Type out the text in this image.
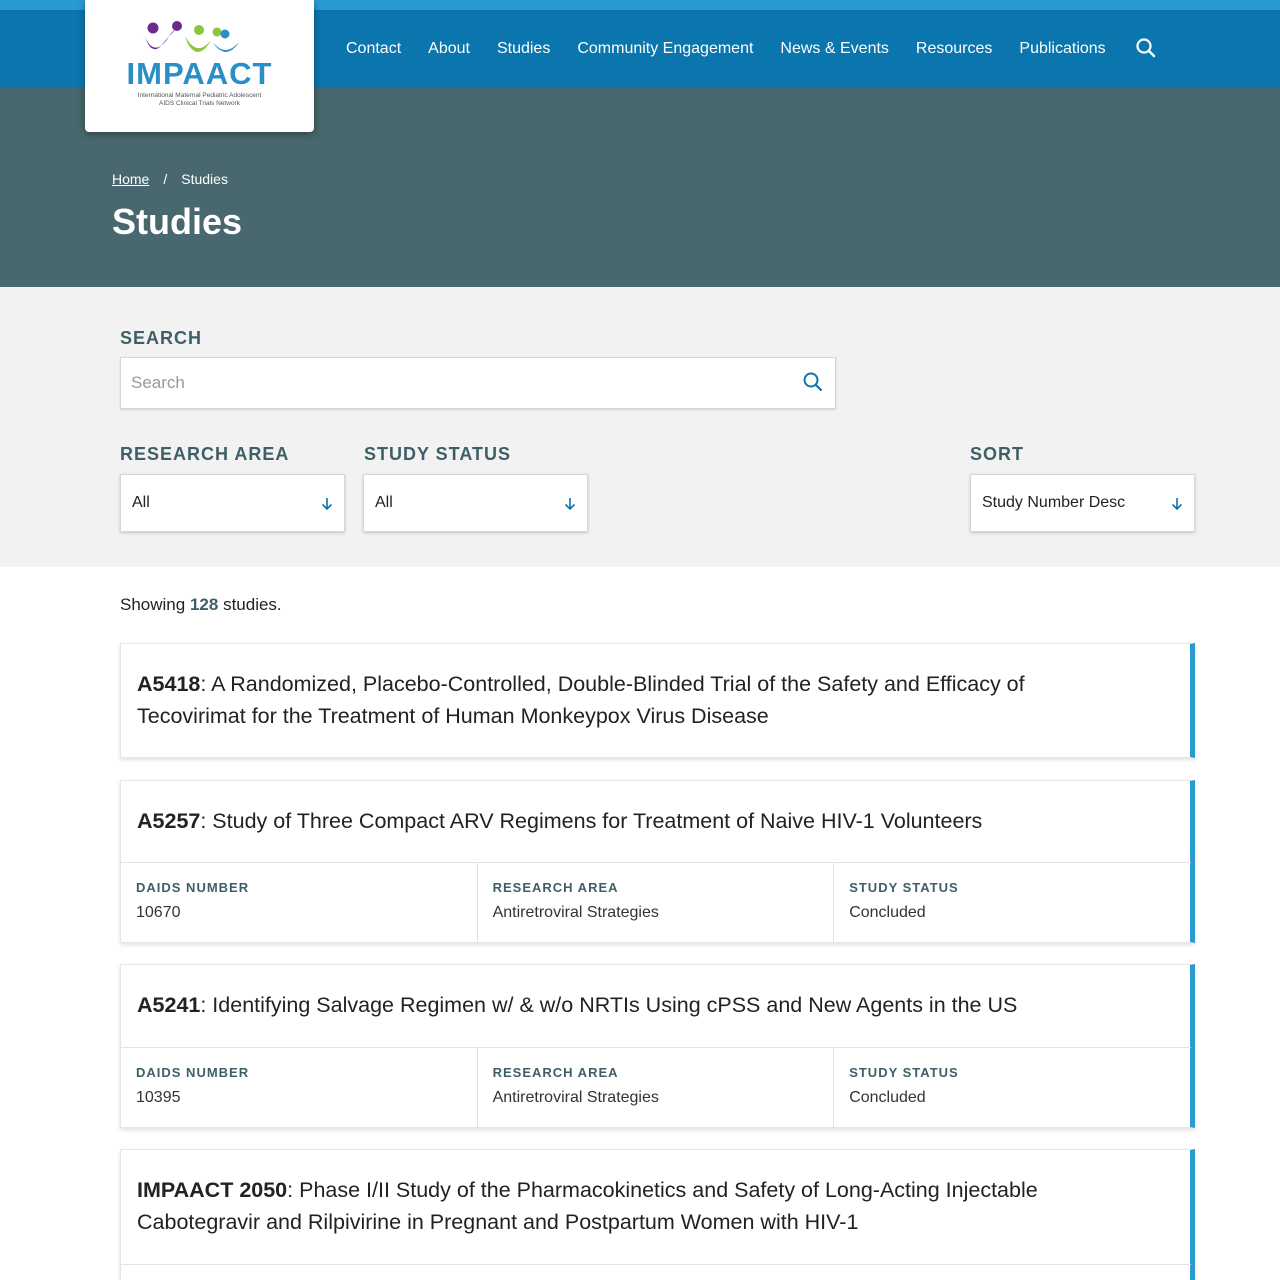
Contact About Studies Community Engagement News & Events Resources Publications
IMPAACT
International Maternal Pediatric Adolescent
AIDS Clinical Trials Network
Home / Studies
Studies
SEARCH
Search
RESEARCH AREA
All
STUDY STATUS
All
SORT
Study Number Desc
Showing 128 studies.
A5418: A Randomized, Placebo-Controlled, Double-Blinded Trial of the Safety and Efficacy of
Tecovirimat for the Treatment of Human Monkeypox Virus Disease
A5257: Study of Three Compact ARV Regimens for Treatment of Naive HIV-1 Volunteers
DAIDS NUMBER
10670
RESEARCH AREA
Antiretroviral Strategies
STUDY STATUS
Concluded
A5241: Identifying Salvage Regimen w/ & w/o NRTIs Using cPSS and New Agents in the US
DAIDS NUMBER
10395
RESEARCH AREA
Antiretroviral Strategies
STUDY STATUS
Concluded
IMPAACT 2050: Phase I/II Study of the Pharmacokinetics and Safety of Long-Acting Injectable
Cabotegravir and Rilpivirine in Pregnant and Postpartum Women with HIV-1
